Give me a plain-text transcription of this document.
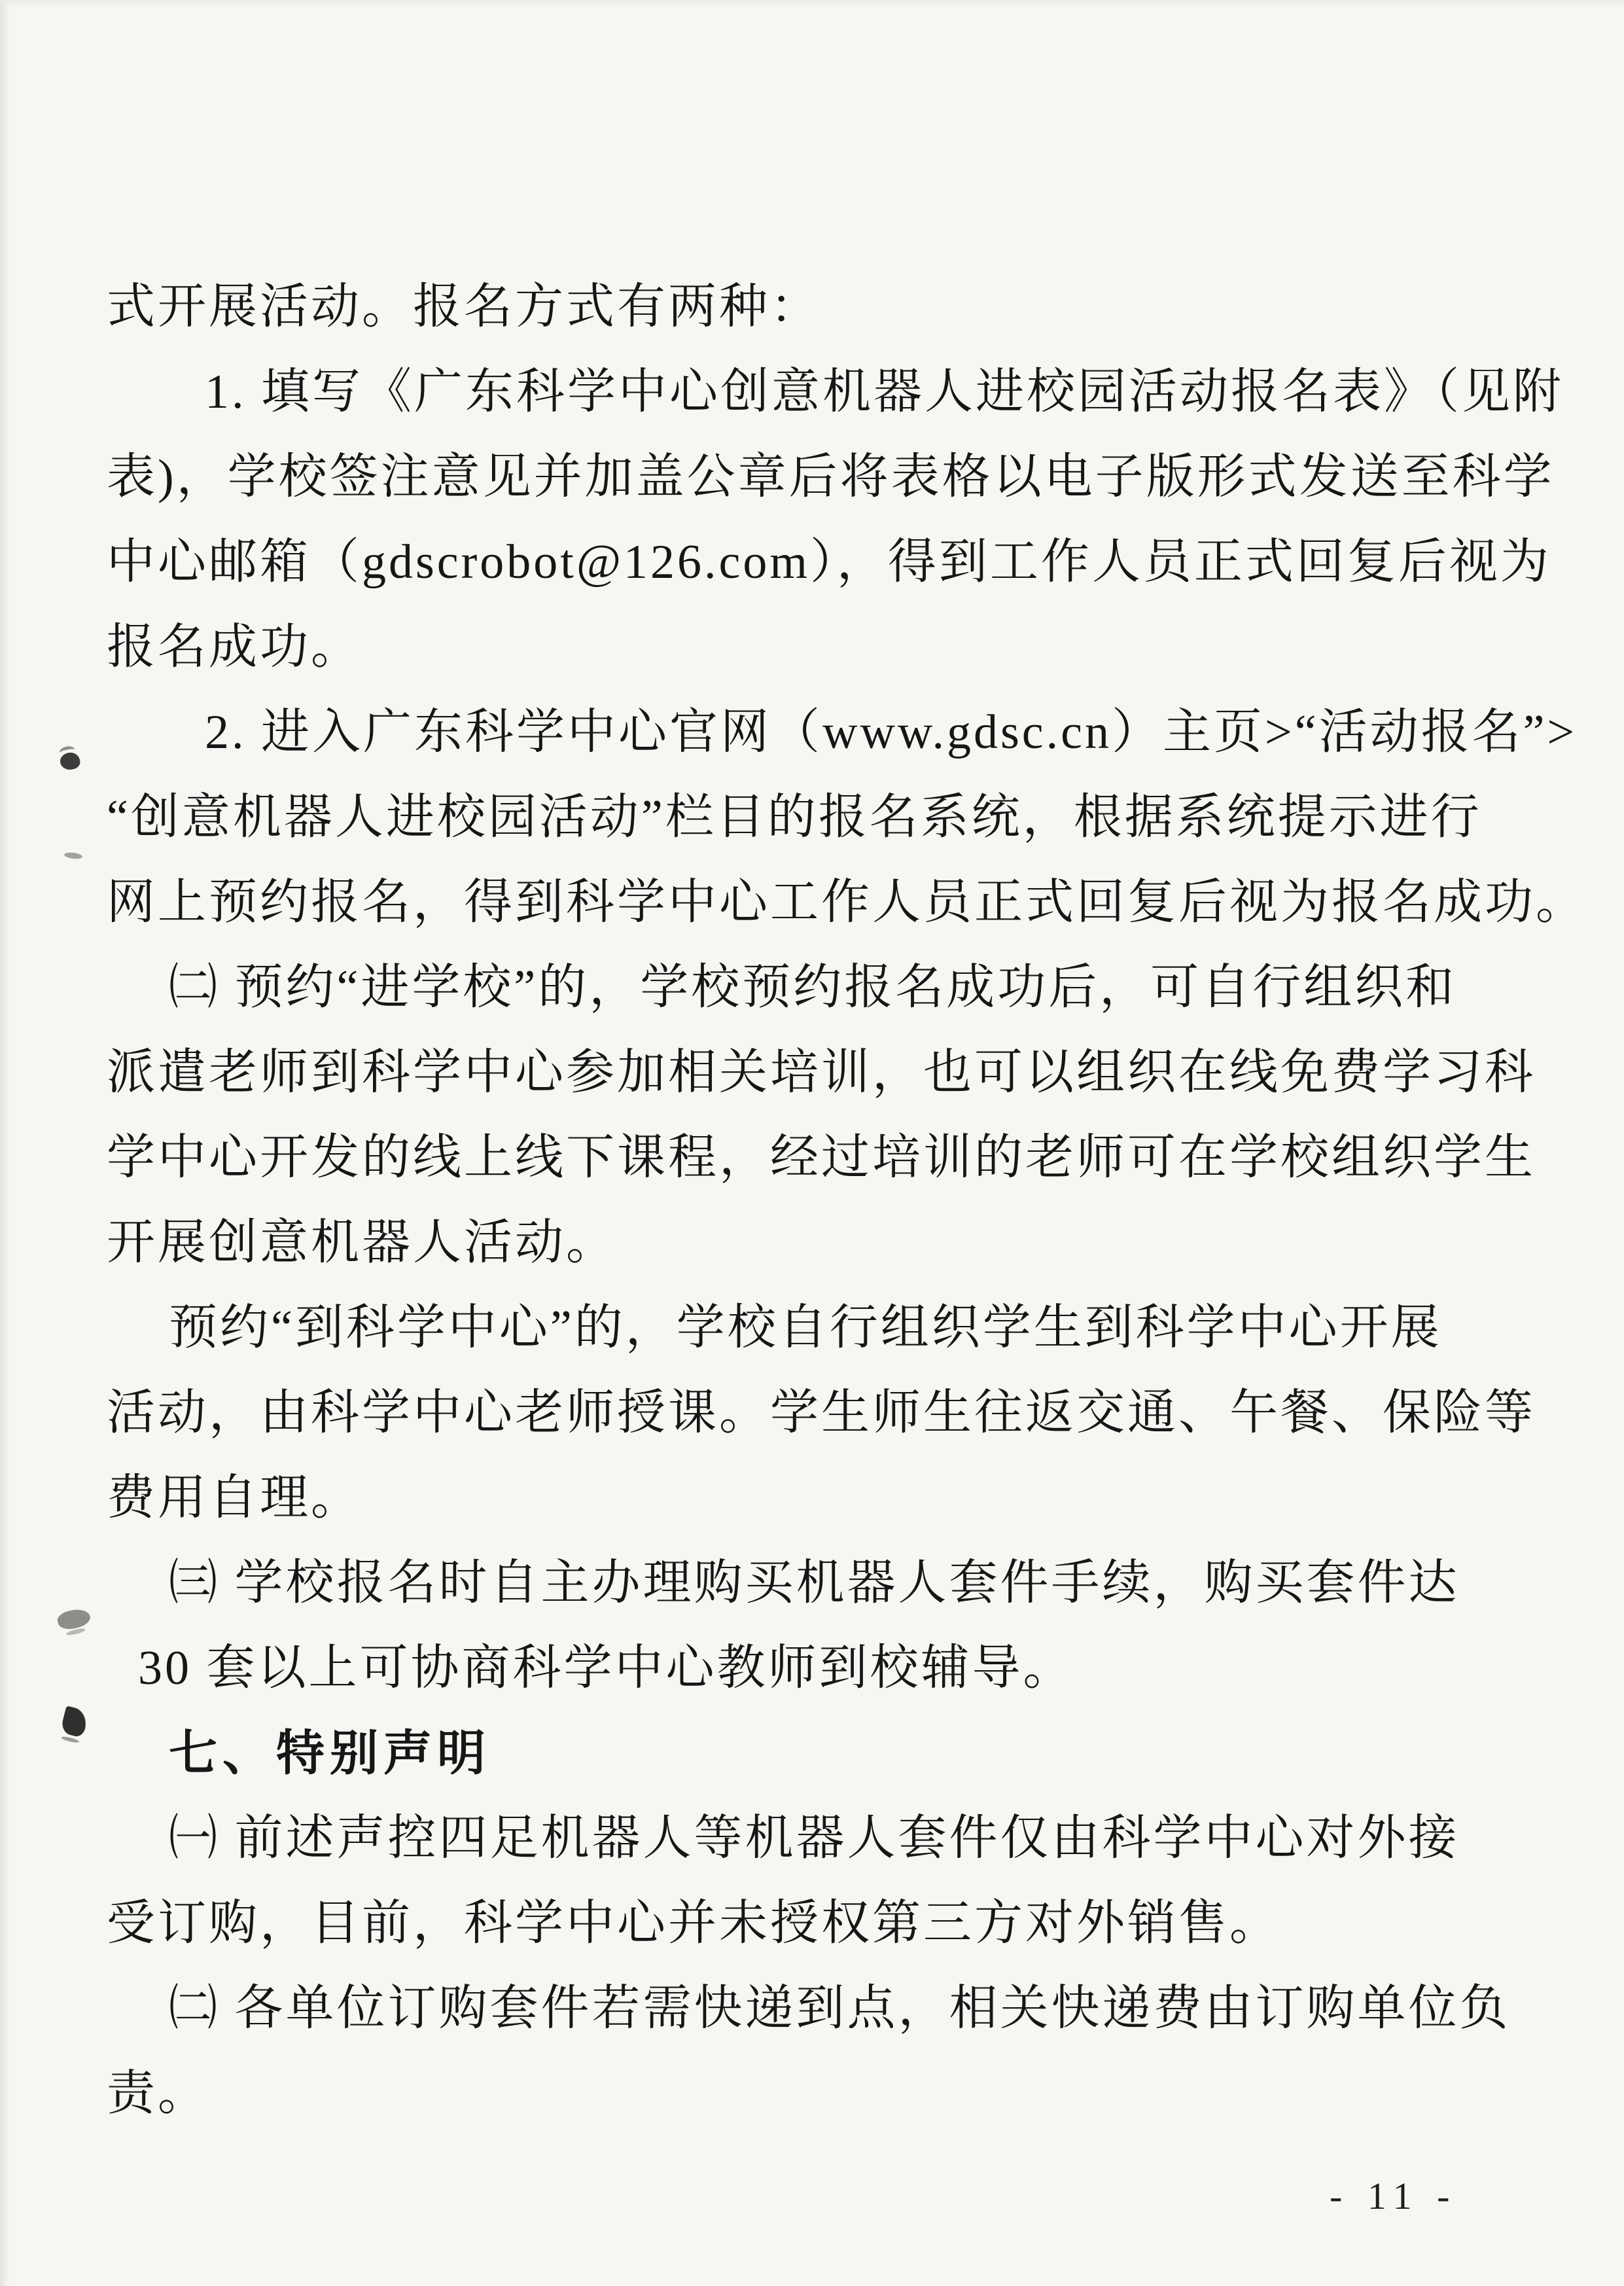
式开展活动。报名方式有两种：
1. 填写《广东科学中心创意机器人进校园活动报名表》（见附
表)，学校签注意见并加盖公章后将表格以电子版形式发送至科学
中心邮箱（gdscrobot@126.com），得到工作人员正式回复后视为
报名成功。
2. 进入广东科学中心官网（www.gdsc.cn）主页>“活动报名”>
“创意机器人进校园活动”栏目的报名系统，根据系统提示进行
网上预约报名，得到科学中心工作人员正式回复后视为报名成功。
㈡ 预约“进学校”的，学校预约报名成功后，可自行组织和
派遣老师到科学中心参加相关培训，也可以组织在线免费学习科
学中心开发的线上线下课程，经过培训的老师可在学校组织学生
开展创意机器人活动。
预约“到科学中心”的，学校自行组织学生到科学中心开展
活动，由科学中心老师授课。学生师生往返交通、午餐、保险等
费用自理。
㈢ 学校报名时自主办理购买机器人套件手续，购买套件达
30 套以上可协商科学中心教师到校辅导。
七、特别声明
㈠ 前述声控四足机器人等机器人套件仅由科学中心对外接
受订购，目前，科学中心并未授权第三方对外销售。
㈡ 各单位订购套件若需快递到点，相关快递费由订购单位负
责。
- 11 -
